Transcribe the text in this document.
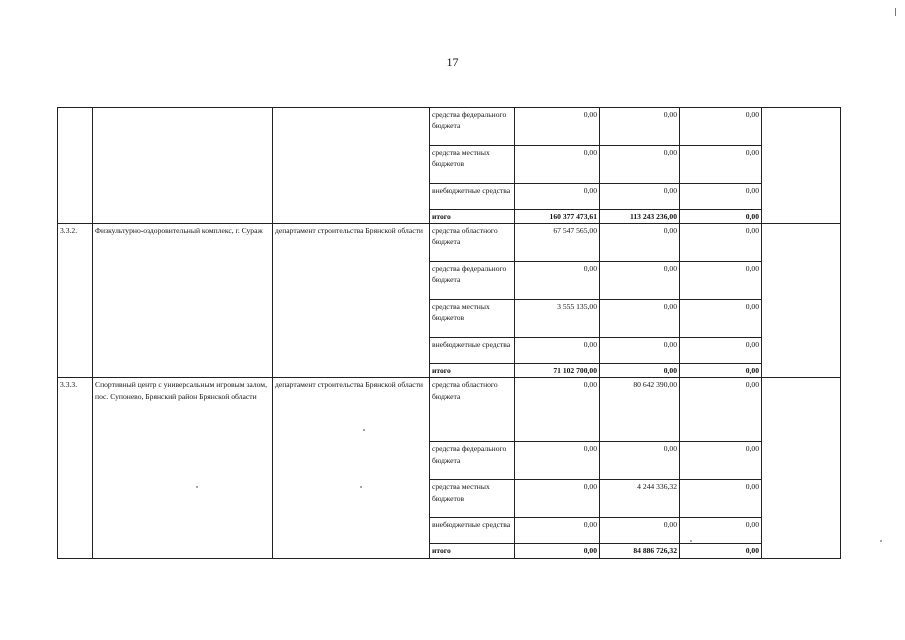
17
			средства федерального бюджета	0,00	0,00	0,00	
			средства местных бюджетов	0,00	0,00	0,00	
			внебюджетные средства	0,00	0,00	0,00	
			итого	160 377 473,61	113 243 236,00	0,00	
3.3.2.	Физкультурно-оздоровительный комплекс, г. Сураж	департамент строительства Брянской области	средства областного бюджета	67 547 565,00	0,00	0,00	
			средства федерального бюджета	0,00	0,00	0,00	
			средства местных бюджетов	3 555 135,00	0,00	0,00	
			внебюджетные средства	0,00	0,00	0,00	
			итого	71 102 700,00	0,00	0,00	
3.3.3.	Спортивный центр с универсальным игровым залом, пос. Супонево, Брянский район Брянской области	департамент строительства Брянской области	средства областного бюджета	0,00	80 642 390,00	0,00	
			средства федерального бюджета	0,00	0,00	0,00	
			средства местных бюджетов	0,00	4 244 336,32	0,00	
			внебюджетные средства	0,00	0,00	0,00	
			итого	0,00	84 886 726,32	0,00	
